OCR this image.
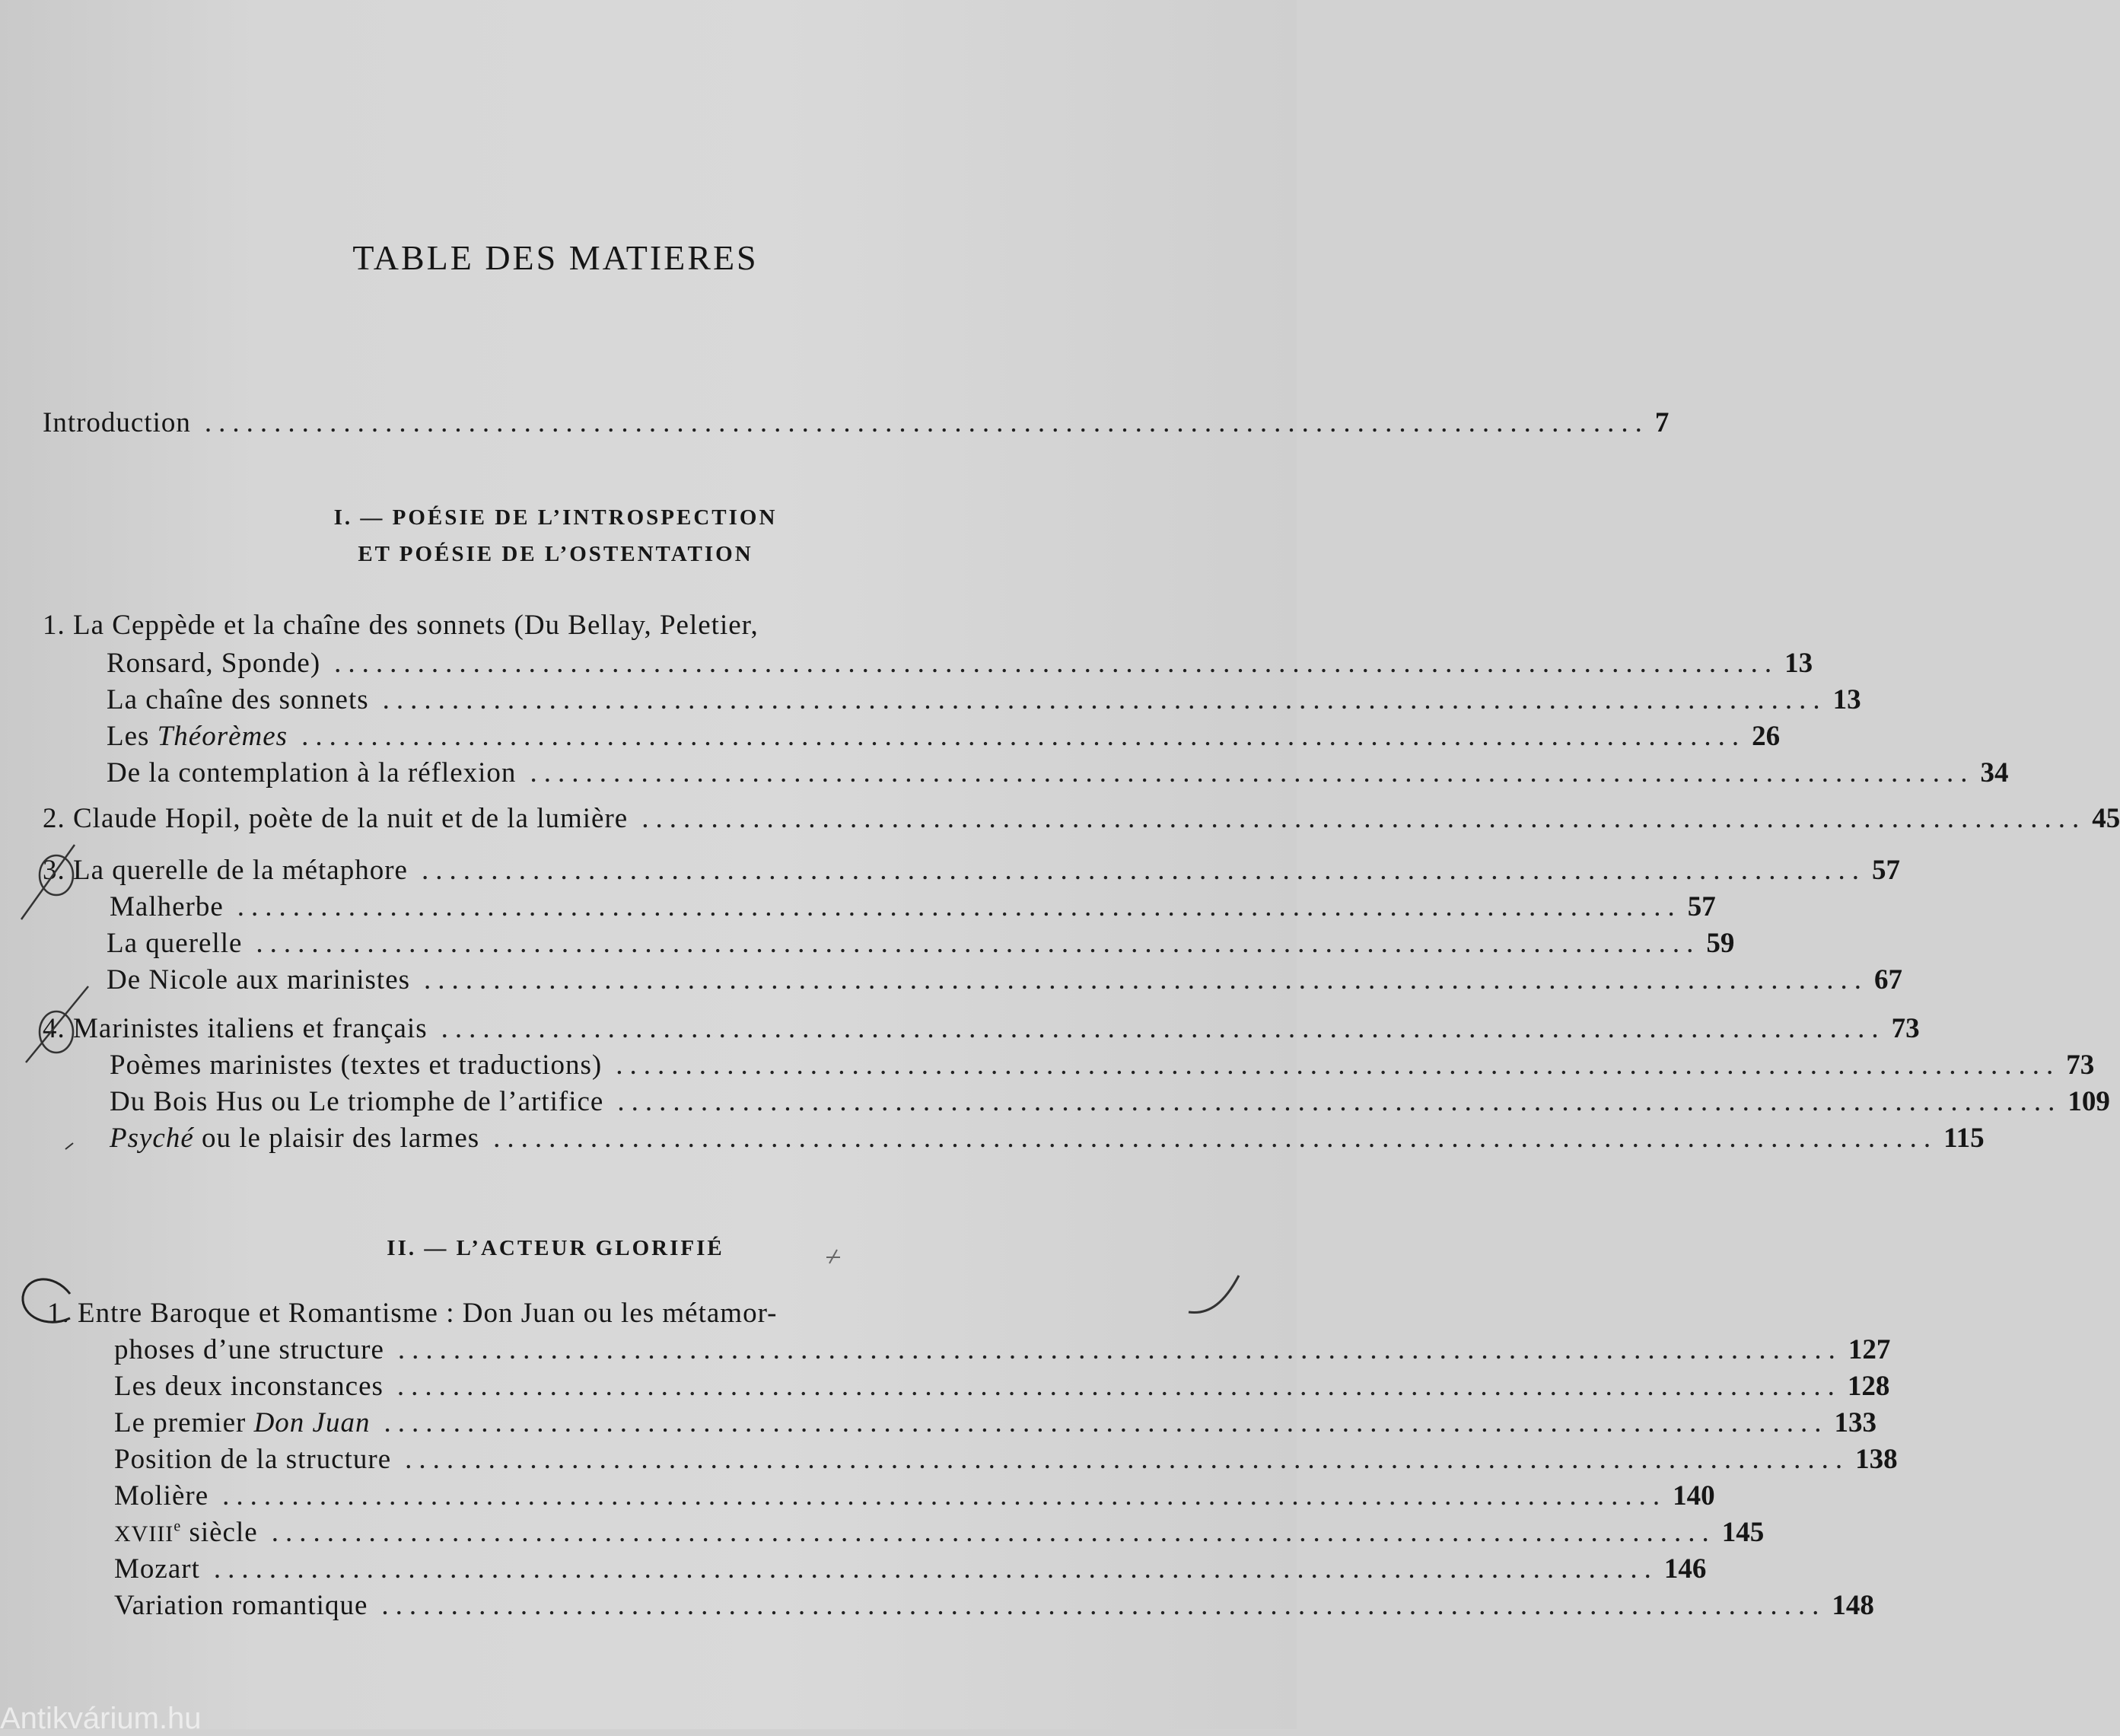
TABLE DES MATIERES
Introduction ........................................................................................................ 7
I. — POÉSIE DE L’INTROSPECTION
ET POÉSIE DE L’OSTENTATION
1. La Ceppède et la chaîne des sonnets (Du Bellay, Peletier,
Ronsard, Sponde) ........................................................................................................ 13
La chaîne des sonnets ........................................................................................................ 13
Les Théorèmes ........................................................................................................ 26
De la contemplation à la réflexion ........................................................................................................ 34
2. Claude Hopil, poète de la nuit et de la lumière ........................................................................................................ 45
3. La querelle de la métaphore ........................................................................................................ 57
Malherbe ........................................................................................................ 57
La querelle ........................................................................................................ 59
De Nicole aux marinistes ........................................................................................................ 67
4. Marinistes italiens et français ........................................................................................................ 73
Poèmes marinistes (textes et traductions) ........................................................................................................ 73
Du Bois Hus ou Le triomphe de l’artifice ........................................................................................................ 109
Psyché ou le plaisir des larmes ........................................................................................................ 115
II. — L’ACTEUR GLORIFIÉ
1. Entre Baroque et Romantisme : Don Juan ou les métamor-
phoses d’une structure ........................................................................................................ 127
Les deux inconstances ........................................................................................................ 128
Le premier Don Juan ........................................................................................................ 133
Position de la structure ........................................................................................................ 138
Molière ........................................................................................................ 140
XVIIIe siècle ........................................................................................................ 145
Mozart ........................................................................................................ 146
Variation romantique ........................................................................................................ 148
Antikvárium.hu
